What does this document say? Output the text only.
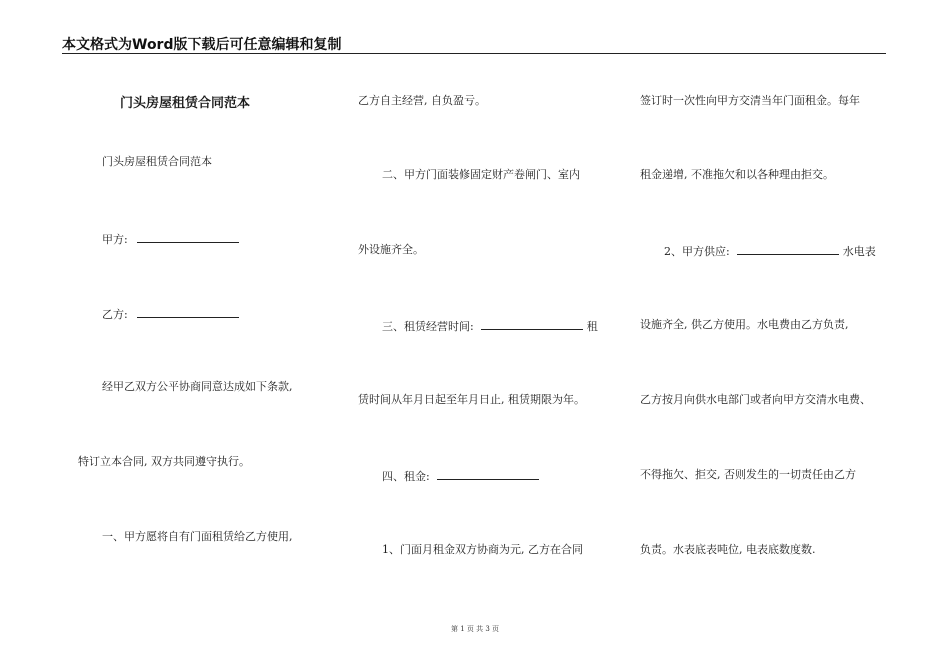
本文格式为Word版下载后可任意编辑和复制
门头房屋租赁合同范本
门头房屋租赁合同范本
甲方:
乙方:
经甲乙双方公平协商同意达成如下条款,
特订立本合同, 双方共同遵守执行。
一、甲方愿将自有门面租赁给乙方使用,
乙方自主经营, 自负盈亏。
二、甲方门面装修固定财产卷闸门、室内
外设施齐全。
三、租赁经营时间:	租
赁时间从年月日起至年月日止, 租赁期限为年。
四、租金:
1、门面月租金双方协商为元, 乙方在合同
签订时一次性向甲方交清当年门面租金。每年
租金递增, 不准拖欠和以各种理由拒交。
2、甲方供应:	水电表
设施齐全, 供乙方使用。水电费由乙方负责,
乙方按月向供水电部门或者向甲方交清水电费、
不得拖欠、拒交, 否则发生的一切责任由乙方
负责。水表底表吨位, 电表底数度数.
第 1 页 共 3 页
